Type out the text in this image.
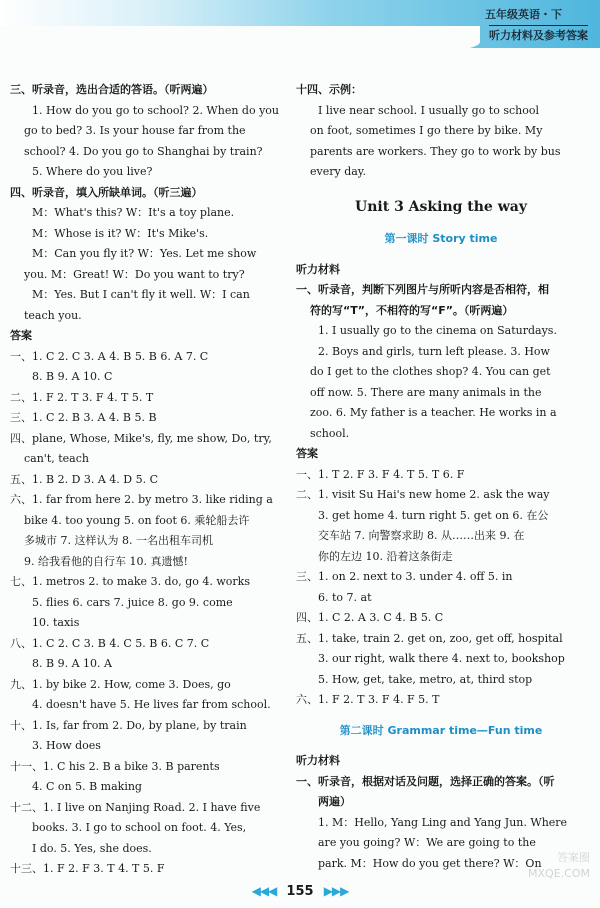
五年级英语・下
听力材料及参考答案
三、听录音，选出合适的答语。（听两遍）
1. How do you go to school? 2. When do you
go to bed? 3. Is your house far from the
school? 4. Do you go to Shanghai by train?
5. Where do you live?
四、听录音，填入所缺单词。（听三遍）
M：What's this? W：It's a toy plane.
M：Whose is it? W：It's Mike's.
M：Can you fly it? W：Yes. Let me show
you. M：Great! W：Do you want to try?
M：Yes. But I can't fly it well. W：I can
teach you.
答案
一、1. C 2. C 3. A 4. B 5. B 6. A 7. C
8. B 9. A 10. C
二、1. F 2. T 3. F 4. T 5. T
三、1. C 2. B 3. A 4. B 5. B
四、plane, Whose, Mike's, fly, me show, Do, try,
can't, teach
五、1. B 2. D 3. A 4. D 5. C
六、1. far from here 2. by metro 3. like riding a
bike 4. too young 5. on foot 6. 乘轮船去许
多城市 7. 这样认为 8. 一名出租车司机
9. 给我看他的自行车 10. 真遗憾!
七、1. metros 2. to make 3. do, go 4. works
5. flies 6. cars 7. juice 8. go 9. come
10. taxis
八、1. C 2. C 3. B 4. C 5. B 6. C 7. C
8. B 9. A 10. A
九、1. by bike 2. How, come 3. Does, go
4. doesn't have 5. He lives far from school.
十、1. Is, far from 2. Do, by plane, by train
3. How does
十一、1. C his 2. B a bike 3. B parents
4. C on 5. B making
十二、1. I live on Nanjing Road. 2. I have five
books. 3. I go to school on foot. 4. Yes,
I do. 5. Yes, she does.
十三、1. F 2. F 3. T 4. T 5. F
十四、示例：
I live near school. I usually go to school
on foot, sometimes I go there by bike. My
parents are workers. They go to work by bus
every day.
Unit 3 Asking the way
第一课时 Story time
听力材料
一、听录音，判断下列图片与所听内容是否相符，相
符的写“T”，不相符的写“F”。（听两遍）
1. I usually go to the cinema on Saturdays.
2. Boys and girls, turn left please. 3. How
do I get to the clothes shop? 4. You can get
off now. 5. There are many animals in the
zoo. 6. My father is a teacher. He works in a
school.
答案
一、1. T 2. F 3. F 4. T 5. T 6. F
二、1. visit Su Hai's new home 2. ask the way
3. get home 4. turn right 5. get on 6. 在公
交车站 7. 向警察求助 8. 从……出来 9. 在
你的左边 10. 沿着这条街走
三、1. on 2. next to 3. under 4. off 5. in
6. to 7. at
四、1. C 2. A 3. C 4. B 5. C
五、1. take, train 2. get on, zoo, get off, hospital
3. our right, walk there 4. next to, bookshop
5. How, get, take, metro, at, third stop
六、1. F 2. T 3. F 4. F 5. T
第二课时 Grammar time—Fun time
听力材料
一、听录音，根据对话及问题，选择正确的答案。（听
两遍）
1. M：Hello, Yang Ling and Yang Jun. Where
are you going? W：We are going to the
park. M：How do you get there? W：On
◀◀◀ 155 ▶▶▶
答案圈
MXQE.COM
